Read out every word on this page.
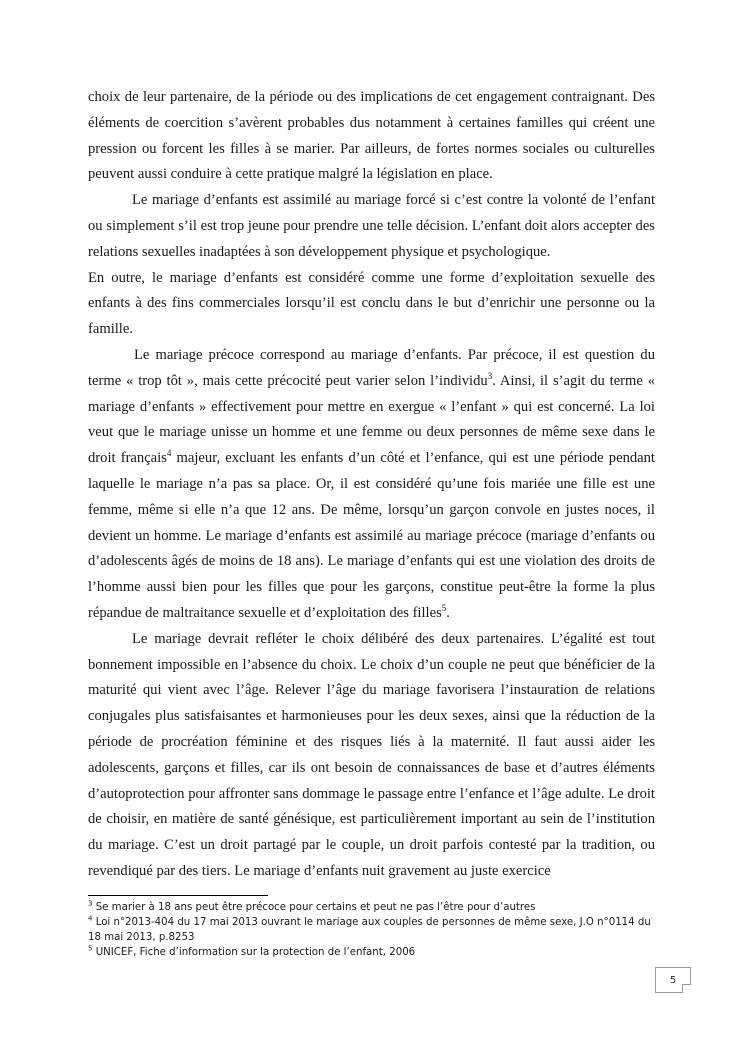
choix de leur partenaire, de la période ou des implications de cet engagement contraignant. Des éléments de coercition s’avèrent probables dus notamment à certaines familles qui créent une pression ou forcent les filles à se marier. Par ailleurs, de fortes normes sociales ou culturelles peuvent aussi conduire à cette pratique malgré la législation en place.

Le mariage d’enfants est assimilé au mariage forcé si c’est contre la volonté de l’enfant ou simplement s’il est trop jeune pour prendre une telle décision. L’enfant doit alors accepter des relations sexuelles inadaptées à son développement physique et psychologique.

En outre, le mariage d’enfants est considéré comme une forme d’exploitation sexuelle des enfants à des fins commerciales lorsqu’il est conclu dans le but d’enrichir une personne ou la famille.

Le mariage précoce correspond au mariage d’enfants. Par précoce, il est question du terme « trop tôt », mais cette précocité peut varier selon l’individu$^3$. Ainsi, il s’agit du terme « mariage d’enfants » effectivement pour mettre en exergue « l’enfant » qui est concerné. La loi veut que le mariage unisse un homme et une femme ou deux personnes de même sexe dans le droit français$^4$ majeur, excluant les enfants d’un côté et l’enfance, qui est une période pendant laquelle le mariage n’a pas sa place. Or, il est considéré qu’une fois mariée une fille est une femme, même si elle n’a que 12 ans. De même, lorsqu’un garçon convole en justes noces, il devient un homme. Le mariage d’enfants est assimilé au mariage précoce (mariage d’enfants ou d’adolescents âgés de moins de 18 ans). Le mariage d’enfants qui est une violation des droits de l’homme aussi bien pour les filles que pour les garçons, constitue peut-être la forme la plus répandue de maltraitance sexuelle et d’exploitation des filles$^5$.

Le mariage devrait refléter le choix délibéré des deux partenaires. L’égalité est tout bonnement impossible en l’absence du choix. Le choix d’un couple ne peut que bénéficier de la maturité qui vient avec l’âge. Relever l’âge du mariage favorisera l’instauration de relations conjugales plus satisfaisantes et harmonieuses pour les deux sexes, ainsi que la réduction de la période de procréation féminine et des risques liés à la maternité. Il faut aussi aider les adolescents, garçons et filles, car ils ont besoin de connaissances de base et d’autres éléments d’autoprotection pour affronter sans dommage le passage entre l’enfance et l’âge adulte. Le droit de choisir, en matière de santé génésique, est particulièrement important au sein de l’institution du mariage. C’est un droit partagé par le couple, un droit parfois contesté par la tradition, ou revendiqué par des tiers. Le mariage d’enfants nuit gravement au juste exercice

$^3$ Se marier à 18 ans peut être précoce pour certains et peut ne pas l’être pour d’autres

$^4$ Loi n°2013-404 du 17 mai 2013 ouvrant le mariage aux couples de personnes de même sexe, J.O n°0114 du 18 mai 2013, p.8253

$^5$ UNICEF, Fiche d’information sur la protection de l’enfant, 2006

5
